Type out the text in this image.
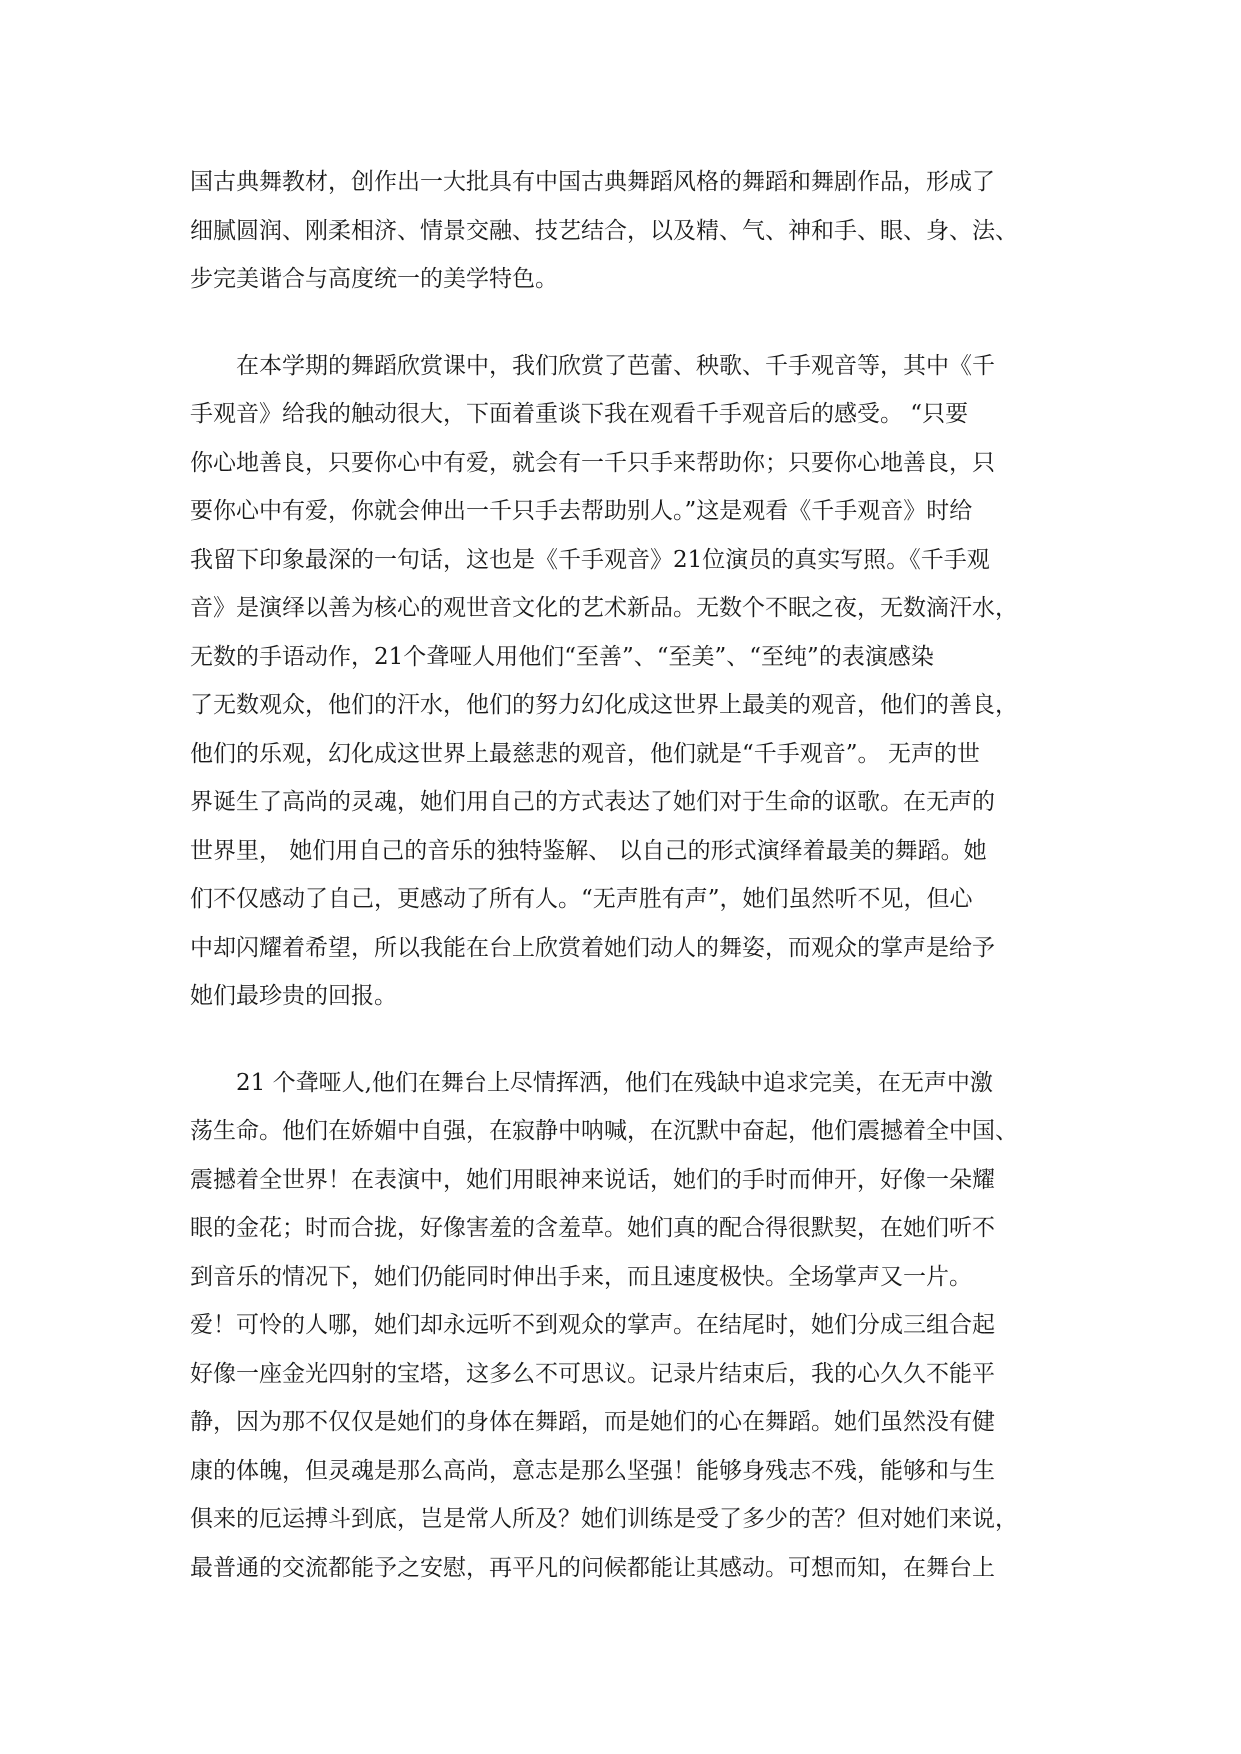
国古典舞教材，创作出一大批具有中国古典舞蹈风格的舞蹈和舞剧作品，形成了
细腻圆润、刚柔相济、情景交融、技艺结合，以及精、气、神和手、眼、身、法、
步完美谐合与高度统一的美学特色。
　　在本学期的舞蹈欣赏课中，我们欣赏了芭蕾、秧歌、千手观音等，其中《千
手观音》给我的触动很大，下面着重谈下我在观看千手观音后的感受。 “只要
你心地善良，只要你心中有爱，就会有一千只手来帮助你；只要你心地善良，只
要你心中有爱，你就会伸出一千只手去帮助别人。”这是观看《千手观音》时给
我留下印象最深的一句话，这也是《千手观音》21位演员的真实写照。《千手观
音》是演绎以善为核心的观世音文化的艺术新品。无数个不眠之夜，无数滴汗水，
无数的手语动作，21个聋哑人用他们“至善”、“至美”、“至纯”的表演感染
了无数观众，他们的汗水，他们的努力幻化成这世界上最美的观音，他们的善良，
他们的乐观，幻化成这世界上最慈悲的观音，他们就是“千手观音”。 无声的世
界诞生了高尚的灵魂，她们用自己的方式表达了她们对于生命的讴歌。在无声的
世界里， 她们用自己的音乐的独特鉴解、 以自己的形式演绎着最美的舞蹈。她
们不仅感动了自己，更感动了所有人。“无声胜有声”，她们虽然听不见，但心
中却闪耀着希望，所以我能在台上欣赏着她们动人的舞姿，而观众的掌声是给予
她们最珍贵的回报。
　　21 个聋哑人,他们在舞台上尽情挥洒，他们在残缺中追求完美，在无声中激
荡生命。他们在娇媚中自强，在寂静中呐喊，在沉默中奋起，他们震撼着全中国、
震撼着全世界！在表演中，她们用眼神来说话，她们的手时而伸开，好像一朵耀
眼的金花；时而合拢，好像害羞的含羞草。她们真的配合得很默契，在她们听不
到音乐的情况下，她们仍能同时伸出手来，而且速度极快。全场掌声又一片。
爱！可怜的人哪，她们却永远听不到观众的掌声。在结尾时，她们分成三组合起
好像一座金光四射的宝塔，这多么不可思议。记录片结束后，我的心久久不能平
静，因为那不仅仅是她们的身体在舞蹈，而是她们的心在舞蹈。她们虽然没有健
康的体魄，但灵魂是那么高尚，意志是那么坚强！能够身残志不残，能够和与生
俱来的厄运搏斗到底，岂是常人所及？她们训练是受了多少的苦？但对她们来说，
最普通的交流都能予之安慰，再平凡的问候都能让其感动。可想而知，在舞台上
